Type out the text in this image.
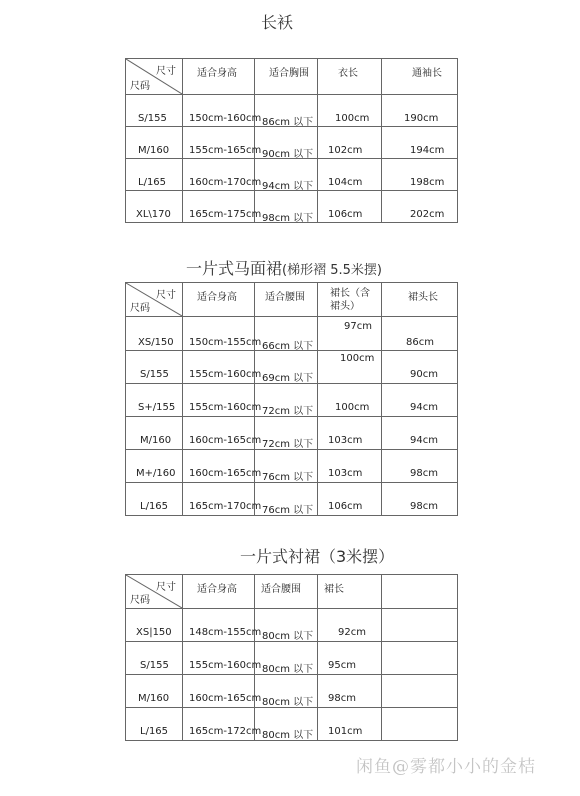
长袄
尺寸
尺码	适合身高	适合胸围	衣长	通袖长

S/155	150cm-160cm	86cm 以下	100cm	190cm

M/160	155cm-165cm	90cm 以下	102cm	194cm

L/165	160cm-170cm	94cm 以下	104cm	198cm

XL\170	165cm-175cm	98cm 以下	106cm	202cm
一片式马面裙(梯形褶 5.5米摆)
尺寸
尺码	适合身高	适合腰围	裙长（含裙头）	裙头长

XS/150	150cm-155cm	66cm 以下	97cm	86cm

S/155	155cm-160cm	69cm 以下	100cm	90cm

S+/155	155cm-160cm	72cm 以下	100cm	94cm

M/160	160cm-165cm	72cm 以下	103cm	94cm

M+/160	160cm-165cm	76cm 以下	103cm	98cm

L/165	165cm-170cm	76cm 以下	106cm	98cm
一片式衬裙（3米摆）
尺寸
尺码	适合身高	适合腰围	裙长	

XS|150	148cm-155cm	80cm 以下	92cm	

S/155	155cm-160cm	80cm 以下	95cm	

M/160	160cm-165cm	80cm 以下	98cm	

L/165	165cm-172cm	80cm 以下	101cm	

闲鱼@雾都小小的金桔
